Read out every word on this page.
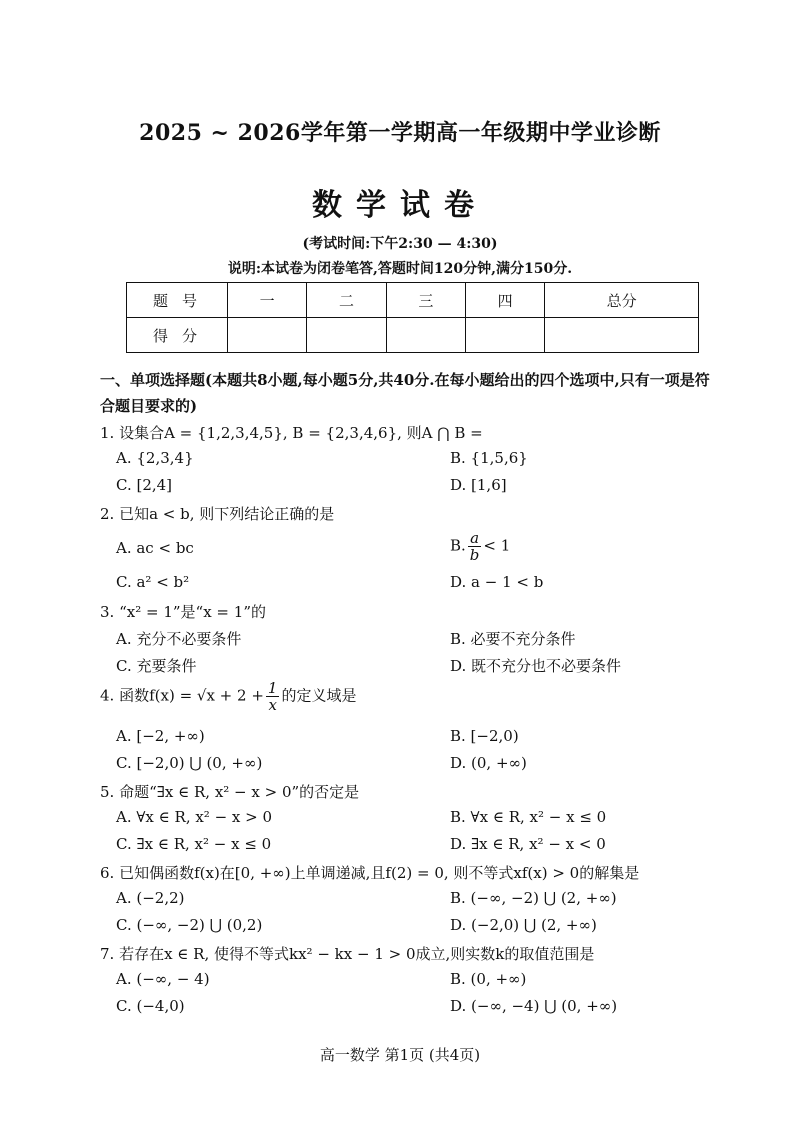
2025 ~ 2026学年第一学期高一年级期中学业诊断
数学试卷
(考试时间:下午2:30 — 4:30)
说明:本试卷为闭卷笔答,答题时间120分钟,满分150分.
题号	一	二	三	四	总分
得分					
一、单项选择题(本题共8小题,每小题5分,共40分.在每小题给出的四个选项中,只有一项是符合题目要求的)
1. 设集合A = {1,2,3,4,5}, B = {2,3,4,6}, 则A ⋂ B =
A. {2,3,4}	B. {1,5,6}
C. [2,4]	D. [1,6]
2. 已知a < b, 则下列结论正确的是
A. ac < bc	B. $\frac{a}{b} < 1$
C. a² < b²	D. a − 1 < b
3. “x² = 1”是“x = 1”的
A. 充分不必要条件	B. 必要不充分条件
C. 充要条件	D. 既不充分也不必要条件
4. 函数$f(x) = √x + 2 + \frac{1}{x}$ 的定义域是
A. [−2, +∞)	B. [−2,0)
C. [−2,0) ⋃ (0, +∞)	D. (0, +∞)
5. 命题“∃x ∈ R, x² − x > 0”的否定是
A. ∀x ∈ R, x² − x > 0	B. ∀x ∈ R, x² − x ≤ 0
C. ∃x ∈ R, x² − x ≤ 0	D. ∃x ∈ R, x² − x < 0
6. 已知偶函数f(x)在[0, +∞)上单调递减,且f(2) = 0, 则不等式xf(x) > 0的解集是
A. (−2,2)	B. (−∞, −2) ⋃ (2, +∞)
C. (−∞, −2) ⋃ (0,2)	D. (−2,0) ⋃ (2, +∞)
7. 若存在x ∈ R, 使得不等式kx² − kx − 1 > 0成立,则实数k的取值范围是
A. (−∞, − 4)	B. (0, +∞)
C. (−4,0)	D. (−∞, −4) ⋃ (0, +∞)
高一数学 第1页 (共4页)
